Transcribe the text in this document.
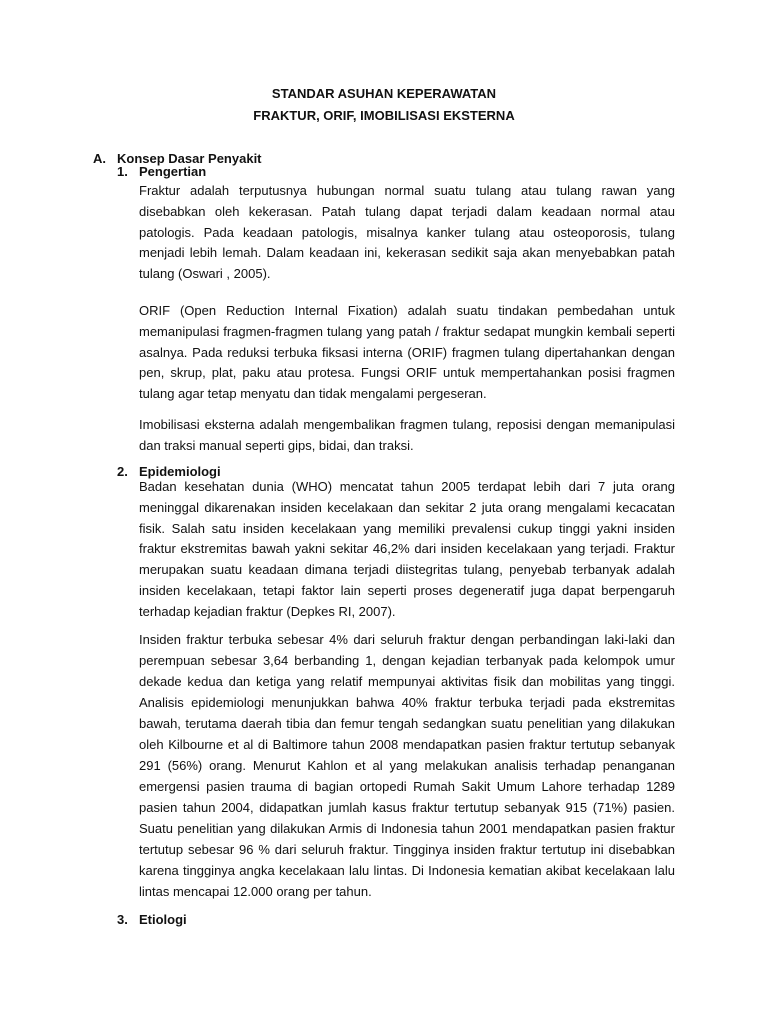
STANDAR ASUHAN KEPERAWATAN
FRAKTUR, ORIF, IMOBILISASI EKSTERNA
A. Konsep Dasar Penyakit
1. Pengertian

Fraktur adalah terputusnya hubungan normal suatu tulang atau tulang rawan yang disebabkan oleh kekerasan. Patah tulang dapat terjadi dalam keadaan normal atau patologis. Pada keadaan patologis, misalnya kanker tulang atau osteoporosis, tulang menjadi lebih lemah. Dalam keadaan ini, kekerasan sedikit saja akan menyebabkan patah tulang (Oswari , 2005).

ORIF (Open Reduction Internal Fixation) adalah suatu tindakan pembedahan untuk memanipulasi fragmen-fragmen tulang yang patah / fraktur sedapat mungkin kembali seperti asalnya. Pada reduksi terbuka fiksasi interna (ORIF) fragmen tulang dipertahankan dengan pen, skrup, plat, paku atau protesa. Fungsi ORIF untuk mempertahankan posisi fragmen tulang agar tetap menyatu dan tidak mengalami pergeseran.

Imobilisasi eksterna adalah mengembalikan fragmen tulang, reposisi dengan memanipulasi dan traksi manual seperti gips, bidai, dan traksi.

2. Epidemiologi

Badan kesehatan dunia (WHO) mencatat tahun 2005 terdapat lebih dari 7 juta orang meninggal dikarenakan insiden kecelakaan dan sekitar 2 juta orang mengalami kecacatan fisik. Salah satu insiden kecelakaan yang memiliki prevalensi cukup tinggi yakni insiden fraktur ekstremitas bawah yakni sekitar 46,2% dari insiden kecelakaan yang terjadi. Fraktur merupakan suatu keadaan dimana terjadi diistegritas tulang, penyebab terbanyak adalah insiden kecelakaan, tetapi faktor lain seperti proses degeneratif juga dapat berpengaruh terhadap kejadian fraktur (Depkes RI, 2007).

Insiden fraktur terbuka sebesar 4% dari seluruh fraktur dengan perbandingan laki-laki dan perempuan sebesar 3,64 berbanding 1, dengan kejadian terbanyak pada kelompok umur dekade kedua dan ketiga yang relatif mempunyai aktivitas fisik dan mobilitas yang tinggi. Analisis epidemiologi menunjukkan bahwa 40% fraktur terbuka terjadi pada ekstremitas bawah, terutama daerah tibia dan femur tengah sedangkan suatu penelitian yang dilakukan oleh Kilbourne et al di Baltimore tahun 2008 mendapatkan pasien fraktur tertutup sebanyak 291 (56%) orang. Menurut Kahlon et al yang melakukan analisis terhadap penanganan emergensi pasien trauma di bagian ortopedi Rumah Sakit Umum Lahore terhadap 1289 pasien tahun 2004, didapatkan jumlah kasus fraktur tertutup sebanyak 915 (71%) pasien. Suatu penelitian yang dilakukan Armis di Indonesia tahun 2001 mendapatkan pasien fraktur tertutup sebesar 96 % dari seluruh fraktur. Tingginya insiden fraktur tertutup ini disebabkan karena tingginya angka kecelakaan lalu lintas. Di Indonesia kematian akibat kecelakaan lalu lintas mencapai 12.000 orang per tahun.

3. Etiologi
